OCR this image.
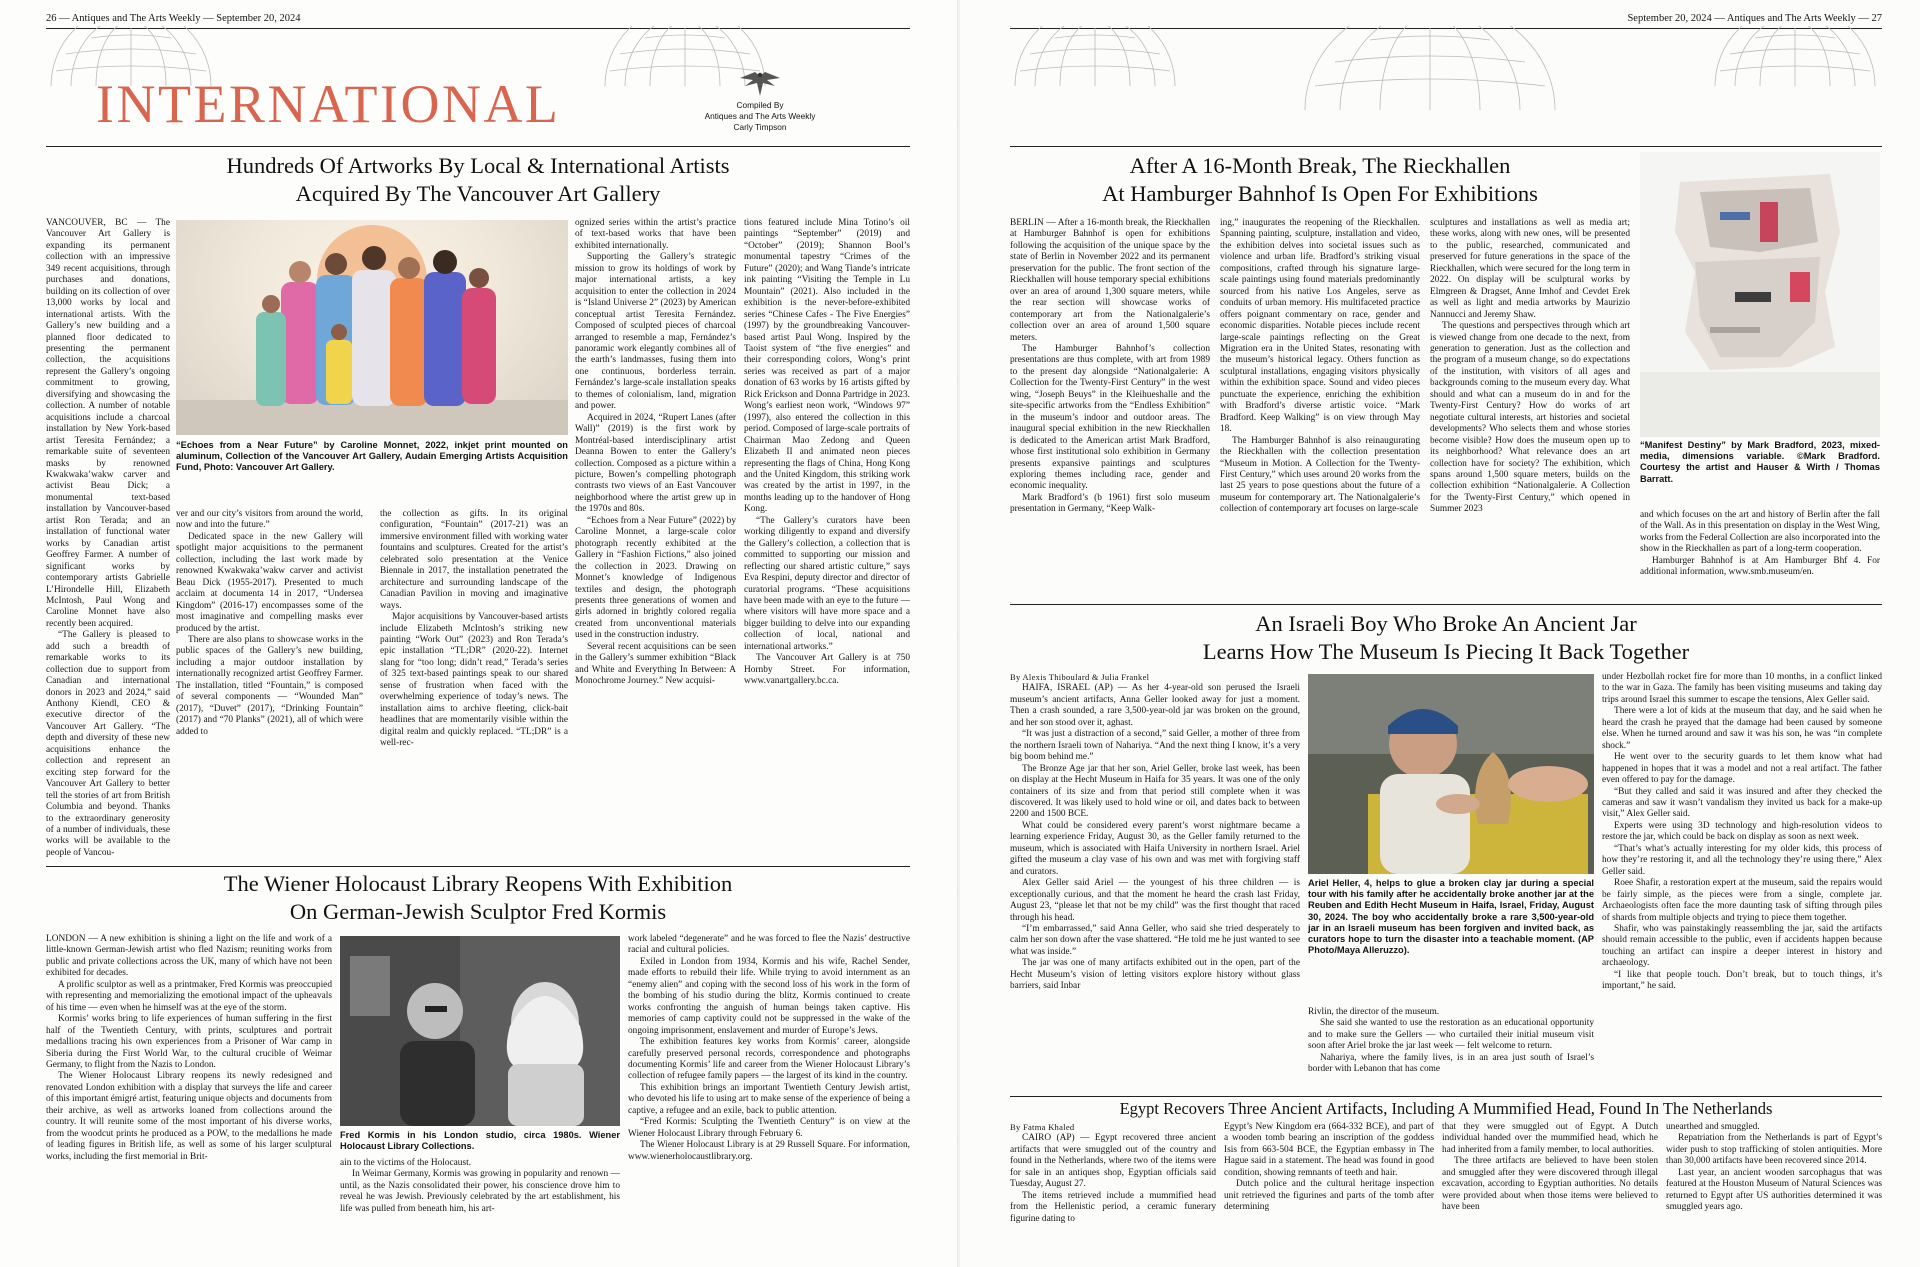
26 — Antiques and The Arts Weekly — September 20, 2024
INTERNATIONAL	Compiled By
Antiques and The Arts Weekly
Carly Timpson
Hundreds Of Artworks By Local & International Artists
Acquired By The Vancouver Art Gallery

VANCOUVER, BC — The Vancouver Art Gallery is expanding its permanent collection with an impressive 349 recent acquisitions, through purchases and donations, building on its collection of over 13,000 works by local and international artists. With the Gallery’s new building and a planned floor dedicated to presenting the permanent collection, the acquisitions represent the Gallery’s ongoing commitment to growing, diversifying and showcasing the collection. A number of notable acquisitions include a charcoal installation by New York-based artist Teresita Fernández; a remarkable suite of seventeen masks by renowned Kwakwaka’wakw carver and activist Beau Dick; a monumental text-based installation by Vancouver-based artist Ron Terada; and an installation of functional water works by Canadian artist Geoffrey Farmer. A number of significant works by contemporary artists Gabrielle L’Hirondelle Hill, Elizabeth McIntosh, Paul Wong and Caroline Monnet have also recently been acquired.

“The Gallery is pleased to add such a breadth of remarkable works to its collection due to support from Canadian and international donors in 2023 and 2024,” said Anthony Kiendl, CEO & executive director of the Vancouver Art Gallery. “The depth and diversity of these new acquisitions enhance the collection and represent an exciting step forward for the Vancouver Art Gallery to better tell the stories of art from British Columbia and beyond. Thanks to the extraordinary generosity of a number of individuals, these works will be available to the people of Vancou-

“Echoes from a Near Future” by Caroline Monnet, 2022, inkjet print mounted on aluminum, Collection of the Vancouver Art Gallery, Audain Emerging Artists Acquisition Fund, Photo: Vancouver Art Gallery.

ver and our city’s visitors from around the world, now and into the future.”

Dedicated space in the new Gallery will spotlight major acquisitions to the permanent collection, including the last work made by renowned Kwakwaka’wakw carver and activist Beau Dick (1955-2017). Presented to much acclaim at documenta 14 in 2017, “Undersea Kingdom” (2016-17) encompasses some of the most imaginative and compelling masks ever produced by the artist.

There are also plans to showcase works in the public spaces of the Gallery’s new building, including a major outdoor installation by internationally recognized artist Geoffrey Farmer. The installation, titled “Fountain,” is composed of several components — “Wounded Man” (2017), “Duvet” (2017), “Drinking Fountain” (2017) and “70 Planks” (2021), all of which were added to

the collection as gifts. In its original configuration, “Fountain” (2017-21) was an immersive environment filled with working water fountains and sculptures. Created for the artist’s celebrated solo presentation at the Venice Biennale in 2017, the installation penetrated the architecture and surrounding landscape of the Canadian Pavilion in moving and imaginative ways.

Major acquisitions by Vancouver-based artists include Elizabeth McIntosh’s striking new painting “Work Out” (2023) and Ron Terada’s epic installation “TL;DR” (2020-22). Internet slang for “too long; didn’t read,” Terada’s series of 325 text-based paintings speak to our shared sense of frustration when faced with the overwhelming experience of today’s news. The installation aims to archive fleeting, click-bait headlines that are momentarily visible within the digital realm and quickly replaced. “TL;DR” is a well-rec-

ognized series within the artist’s practice of text-based works that have been exhibited internationally.

Supporting the Gallery’s strategic mission to grow its holdings of work by major international artists, a key acquisition to enter the collection in 2024 is “Island Universe 2” (2023) by American conceptual artist Teresita Fernández. Composed of sculpted pieces of charcoal arranged to resemble a map, Fernández’s panoramic work elegantly combines all of the earth’s landmasses, fusing them into one continuous, borderless terrain. Fernández’s large-scale installation speaks to themes of colonialism, land, migration and power.

Acquired in 2024, “Rupert Lanes (after Wall)” (2019) is the first work by Montréal-based interdisciplinary artist Deanna Bowen to enter the Gallery’s collection. Composed as a picture within a picture, Bowen’s compelling photograph contrasts two views of an East Vancouver neighborhood where the artist grew up in the 1970s and 80s.

“Echoes from a Near Future” (2022) by Caroline Monnet, a large-scale color photograph recently exhibited at the Gallery in “Fashion Fictions,” also joined the collection in 2023. Drawing on Monnet’s knowledge of Indigenous textiles and design, the photograph presents three generations of women and girls adorned in brightly colored regalia created from unconventional materials used in the construction industry.

Several recent acquisitions can be seen in the Gallery’s summer exhibition “Black and White and Everything In Between: A Monochrome Journey.” New acquisi-

tions featured include Mina Totino’s oil paintings “September” (2019) and “October” (2019); Shannon Bool’s monumental tapestry “Crimes of the Future” (2020); and Wang Tiande’s intricate ink painting “Visiting the Temple in Lu Mountain” (2021). Also included in the exhibition is the never-before-exhibited series “Chinese Cafes - The Five Energies” (1997) by the groundbreaking Vancouver-based artist Paul Wong. Inspired by the Taoist system of “the five energies” and their corresponding colors, Wong’s print series was received as part of a major donation of 63 works by 16 artists gifted by Rick Erickson and Donna Partridge in 2023. Wong’s earliest neon work, “Windows 97” (1997), also entered the collection in this period. Composed of large-scale portraits of Chairman Mao Zedong and Queen Elizabeth II and animated neon pieces representing the flags of China, Hong Kong and the United Kingdom, this striking work was created by the artist in 1997, in the months leading up to the handover of Hong Kong.

“The Gallery’s curators have been working diligently to expand and diversify the Gallery’s collection, a collection that is committed to supporting our mission and reflecting our shared artistic culture,” says Eva Respini, deputy director and director of curatorial programs. “These acquisitions have been made with an eye to the future — where visitors will have more space and a bigger building to delve into our expanding collection of local, national and international artworks.”

The Vancouver Art Gallery is at 750 Hornby Street. For information, www.vanartgallery.bc.ca.

The Wiener Holocaust Library Reopens With Exhibition
On German-Jewish Sculptor Fred Kormis

LONDON — A new exhibition is shining a light on the life and work of a little-known German-Jewish artist who fled Nazism; reuniting works from public and private collections across the UK, many of which have not been exhibited for decades.

A prolific sculptor as well as a printmaker, Fred Kormis was preoccupied with representing and memorializing the emotional impact of the upheavals of his time — even when he himself was at the eye of the storm.

Kormis’ works bring to life experiences of human suffering in the first half of the Twentieth Century, with prints, sculptures and portrait medallions tracing his own experiences from a Prisoner of War camp in Siberia during the First World War, to the cultural crucible of Weimar Germany, to flight from the Nazis to London.

The Wiener Holocaust Library reopens its newly redesigned and renovated London exhibition with a display that surveys the life and career of this important émigré artist, featuring unique objects and documents from their archive, as well as artworks loaned from collections around the country. It will reunite some of the most important of his diverse works, from the woodcut prints he produced as a POW, to the medallions he made of leading figures in British life, as well as some of his larger sculptural works, including the first memorial in Brit-

Fred Kormis in his London studio, circa 1980s. Wiener Holocaust Library Collections.

ain to the victims of the Holocaust.

In Weimar Germany, Kormis was growing in popularity and renown — until, as the Nazis consolidated their power, his conscience drove him to reveal he was Jewish. Previously celebrated by the art establishment, his life was pulled from beneath him, his art-

work labeled “degenerate” and he was forced to flee the Nazis’ destructive racial and cultural policies.

Exiled in London from 1934, Kormis and his wife, Rachel Sender, made efforts to rebuild their life. While trying to avoid internment as an “enemy alien” and coping with the second loss of his work in the form of the bombing of his studio during the blitz, Kormis continued to create works confronting the anguish of human beings taken captive. His memories of camp captivity could not be suppressed in the wake of the ongoing imprisonment, enslavement and murder of Europe’s Jews.

The exhibition features key works from Kormis’ career, alongside carefully preserved personal records, correspondence and photographs documenting Kormis’ life and career from the Wiener Holocaust Library’s collection of refugee family papers — the largest of its kind in the country.

This exhibition brings an important Twentieth Century Jewish artist, who devoted his life to using art to make sense of the experience of being a captive, a refugee and an exile, back to public attention.

“Fred Kormis: Sculpting the Twentieth Century” is on view at the Wiener Holocaust Library through February 6.

The Wiener Holocaust Library is at 29 Russell Square. For information, www.wienerholocaustlibrary.org.

September 20, 2024 — Antiques and The Arts Weekly — 27
After A 16-Month Break, The Rieckhallen
At Hamburger Bahnhof Is Open For Exhibitions

BERLIN — After a 16-month break, the Rieckhallen at Hamburger Bahnhof is open for exhibitions following the acquisition of the unique space by the state of Berlin in November 2022 and its permanent preservation for the public. The front section of the Rieckhallen will house temporary special exhibitions over an area of around 1,300 square meters, while the rear section will showcase works of contemporary art from the Nationalgalerie’s collection over an area of around 1,500 square meters.

The Hamburger Bahnhof’s collection presentations are thus complete, with art from 1989 to the present day alongside “Nationalgalerie: A Collection for the Twenty-First Century” in the west wing, “Joseph Beuys” in the Kleihueshalle and the site-specific artworks from the “Endless Exhibition” in the museum’s indoor and outdoor areas. The inaugural special exhibition in the new Rieckhallen is dedicated to the American artist Mark Bradford, whose first institutional solo exhibition in Germany presents expansive paintings and sculptures exploring themes including race, gender and economic inequality.

Mark Bradford’s (b 1961) first solo museum presentation in Germany, “Keep Walk-

ing,” inaugurates the reopening of the Rieckhallen. Spanning painting, sculpture, installation and video, the exhibition delves into societal issues such as violence and urban life. Bradford’s striking visual compositions, crafted through his signature large-scale paintings using found materials predominantly sourced from his native Los Angeles, serve as conduits of urban memory. His multifaceted practice offers poignant commentary on race, gender and economic disparities. Notable pieces include recent large-scale paintings reflecting on the Great Migration era in the United States, resonating with the museum’s historical legacy. Others function as sculptural installations, engaging visitors physically within the exhibition space. Sound and video pieces punctuate the experience, enriching the exhibition with Bradford’s diverse artistic voice. “Mark Bradford. Keep Walking” is on view through May 18.

The Hamburger Bahnhof is also reinaugurating the Rieckhallen with the collection presentation “Museum in Motion. A Collection for the Twenty-First Century,” which uses around 20 works from the last 25 years to pose questions about the future of a museum for contemporary art. The Nationalgalerie’s collection of contemporary art focuses on large-scale

sculptures and installations as well as media art; these works, along with new ones, will be presented to the public, researched, communicated and preserved for future generations in the space of the Rieckhallen, which were secured for the long term in 2022. On display will be sculptural works by Elmgreen & Dragset, Anne Imhof and Cevdet Erek as well as light and media artworks by Maurizio Nannucci and Jeremy Shaw.

The questions and perspectives through which art is viewed change from one decade to the next, from generation to generation. Just as the collection and the program of a museum change, so do expectations of the institution, with visitors of all ages and backgrounds coming to the museum every day. What should and what can a museum do in and for the Twenty-First Century? How do works of art negotiate cultural interests, art histories and societal developments? Who selects them and whose stories become visible? How does the museum open up to its neighborhood? What relevance does an art collection have for society? The exhibition, which spans around 1,500 square meters, builds on the collection exhibition “Nationalgalerie. A Collection for the Twenty-First Century,” which opened in Summer 2023

“Manifest Destiny” by Mark Bradford, 2023, mixed-media, dimensions variable. ©Mark Bradford. Courtesy the artist and Hauser & Wirth / Thomas Barratt.

and which focuses on the art and history of Berlin after the fall of the Wall. As in this presentation on display in the West Wing, works from the Federal Collection are also incorporated into the show in the Rieckhallen as part of a long-term cooperation.

Hamburger Bahnhof is at Am Hamburger Bhf 4. For additional information, www.smb.museum/en.

An Israeli Boy Who Broke An Ancient Jar
Learns How The Museum Is Piecing It Back Together

By Alexis Thiboulard & Julia Frankel

HAIFA, ISRAEL (AP) — As her 4-year-old son perused the Israeli museum’s ancient artifacts, Anna Geller looked away for just a moment. Then a crash sounded, a rare 3,500-year-old jar was broken on the ground, and her son stood over it, aghast.

“It was just a distraction of a second,” said Geller, a mother of three from the northern Israeli town of Nahariya. “And the next thing I know, it’s a very big boom behind me.”

The Bronze Age jar that her son, Ariel Geller, broke last week, has been on display at the Hecht Museum in Haifa for 35 years. It was one of the only containers of its size and from that period still complete when it was discovered. It was likely used to hold wine or oil, and dates back to between 2200 and 1500 BCE.

What could be considered every parent’s worst nightmare became a learning experience Friday, August 30, as the Geller family returned to the museum, which is associated with Haifa University in northern Israel. Ariel gifted the museum a clay vase of his own and was met with forgiving staff and curators.

Alex Geller said Ariel — the youngest of his three children — is exceptionally curious, and that the moment he heard the crash last Friday, August 23, “please let that not be my child” was the first thought that raced through his head.

“I’m embarrassed,” said Anna Geller, who said she tried desperately to calm her son down after the vase shattered. “He told me he just wanted to see what was inside.”

The jar was one of many artifacts exhibited out in the open, part of the Hecht Museum’s vision of letting visitors explore history without glass barriers, said Inbar

Ariel Heller, 4, helps to glue a broken clay jar during a special tour with his family after he accidentally broke another jar at the Reuben and Edith Hecht Museum in Haifa, Israel, Friday, August 30, 2024. The boy who accidentally broke a rare 3,500-year-old jar in an Israeli museum has been forgiven and invited back, as curators hope to turn the disaster into a teachable moment. (AP Photo/Maya Alleruzzo).

Rivlin, the director of the museum.

She said she wanted to use the restoration as an educational opportunity and to make sure the Gellers — who curtailed their initial museum visit soon after Ariel broke the jar last week — felt welcome to return.

Nahariya, where the family lives, is in an area just south of Israel’s border with Lebanon that has come

under Hezbollah rocket fire for more than 10 months, in a conflict linked to the war in Gaza. The family has been visiting museums and taking day trips around Israel this summer to escape the tensions, Alex Geller said.

There were a lot of kids at the museum that day, and he said when he heard the crash he prayed that the damage had been caused by someone else. When he turned around and saw it was his son, he was “in complete shock.”

He went over to the security guards to let them know what had happened in hopes that it was a model and not a real artifact. The father even offered to pay for the damage.

“But they called and said it was insured and after they checked the cameras and saw it wasn’t vandalism they invited us back for a make-up visit,” Alex Geller said.

Experts were using 3D technology and high-resolution videos to restore the jar, which could be back on display as soon as next week.

“That’s what’s actually interesting for my older kids, this process of how they’re restoring it, and all the technology they’re using there,” Alex Geller said.

Roee Shafir, a restoration expert at the museum, said the repairs would be fairly simple, as the pieces were from a single, complete jar. Archaeologists often face the more daunting task of sifting through piles of shards from multiple objects and trying to piece them together.

Shafir, who was painstakingly reassembling the jar, said the artifacts should remain accessible to the public, even if accidents happen because touching an artifact can inspire a deeper interest in history and archaeology.

“I like that people touch. Don’t break, but to touch things, it’s important,” he said.

Egypt Recovers Three Ancient Artifacts, Including A Mummified Head, Found In The Netherlands

By Fatma Khaled

CAIRO (AP) — Egypt recovered three ancient artifacts that were smuggled out of the country and found in the Netherlands, where two of the items were for sale in an antiques shop, Egyptian officials said Tuesday, August 27.

The items retrieved include a mummified head from the Hellenistic period, a ceramic funerary figurine dating to

Egypt’s New Kingdom era (664-332 BCE), and part of a wooden tomb bearing an inscription of the goddess Isis from 663-504 BCE, the Egyptian embassy in The Hague said in a statement. The head was found in good condition, showing remnants of teeth and hair.

Dutch police and the cultural heritage inspection unit retrieved the figurines and parts of the tomb after determining

that they were smuggled out of Egypt. A Dutch individual handed over the mummified head, which he had inherited from a family member, to local authorities.

The three artifacts are believed to have been stolen and smuggled after they were discovered through illegal excavation, according to Egyptian authorities. No details were provided about when those items were believed to have been

unearthed and smuggled.

Repatriation from the Netherlands is part of Egypt’s wider push to stop trafficking of stolen antiquities. More than 30,000 artifacts have been recovered since 2014.

Last year, an ancient wooden sarcophagus that was featured at the Houston Museum of Natural Sciences was returned to Egypt after US authorities determined it was smuggled years ago.
